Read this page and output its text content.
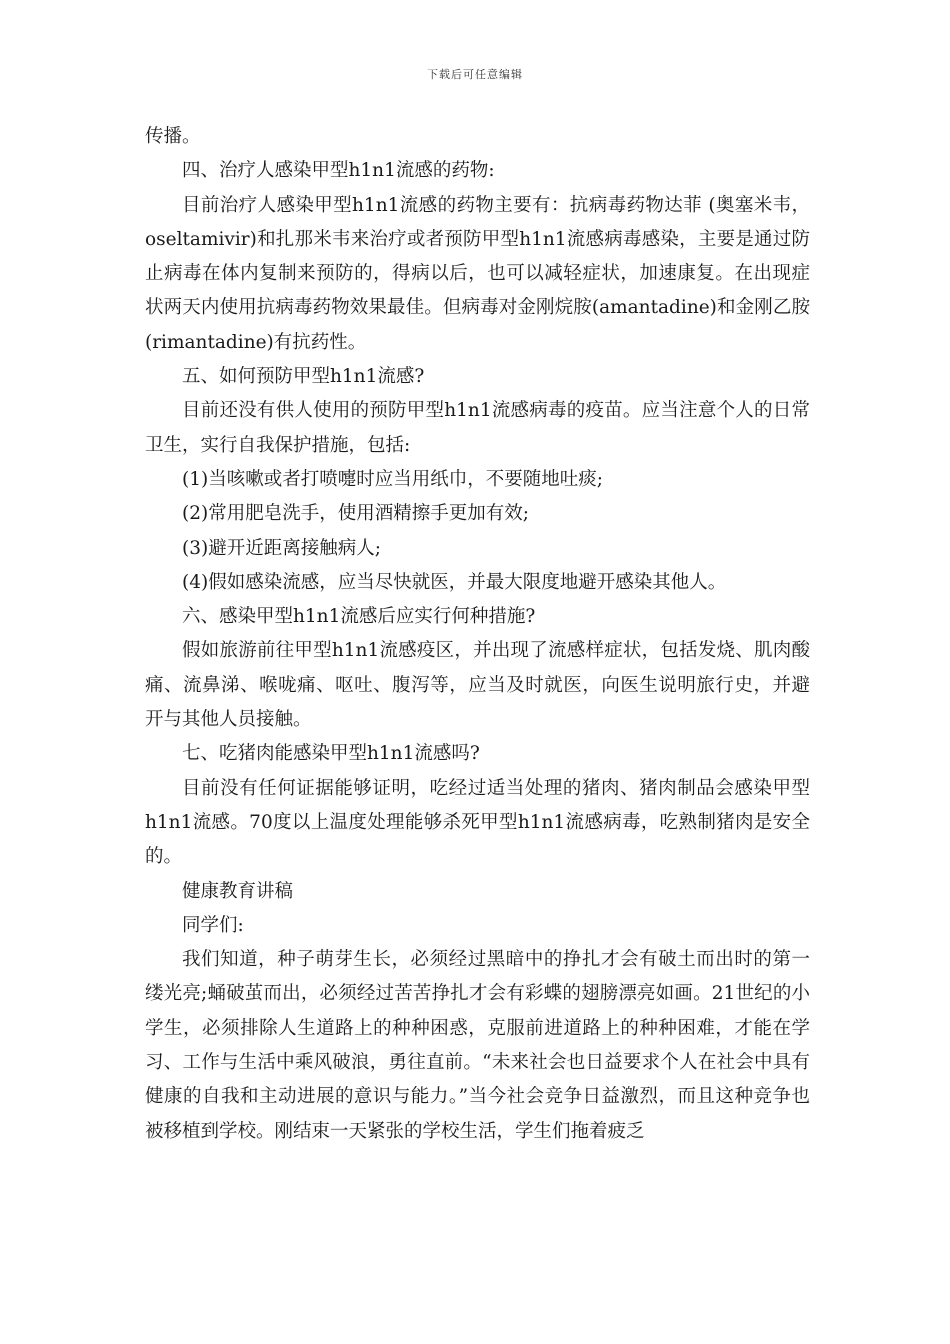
下载后可任意编辑

传播。

四、治疗人感染甲型h1n1流感的药物:

目前治疗人感染甲型h1n1流感的药物主要有：抗病毒药物达菲 (奥塞米韦，oseltamivir)和扎那米韦来治疗或者预防甲型h1n1流感病毒感染，主要是通过防止病毒在体内复制来预防的，得病以后，也可以减轻症状，加速康复。在出现症状两天内使用抗病毒药物效果最佳。但病毒对金刚烷胺(amantadine)和金刚乙胺(rimantadine)有抗药性。

五、如何预防甲型h1n1流感?

目前还没有供人使用的预防甲型h1n1流感病毒的疫苗。应当注意个人的日常卫生，实行自我保护措施，包括:

(1)当咳嗽或者打喷嚏时应当用纸巾，不要随地吐痰;

(2)常用肥皂洗手，使用酒精擦手更加有效;

(3)避开近距离接触病人;

(4)假如感染流感，应当尽快就医，并最大限度地避开感染其他人。

六、感染甲型h1n1流感后应实行何种措施?

假如旅游前往甲型h1n1流感疫区，并出现了流感样症状，包括发烧、肌肉酸痛、流鼻涕、喉咙痛、呕吐、腹泻等，应当及时就医，向医生说明旅行史，并避开与其他人员接触。

七、吃猪肉能感染甲型h1n1流感吗?

目前没有任何证据能够证明，吃经过适当处理的猪肉、猪肉制品会感染甲型h1n1流感。70度以上温度处理能够杀死甲型h1n1流感病毒，吃熟制猪肉是安全的。

健康教育讲稿

同学们:

我们知道，种子萌芽生长，必须经过黑暗中的挣扎才会有破土而出时的第一缕光亮;蛹破茧而出，必须经过苦苦挣扎才会有彩蝶的翅膀漂亮如画。21世纪的小学生，必须排除人生道路上的种种困惑，克服前进道路上的种种困难，才能在学习、工作与生活中乘风破浪，勇往直前。“未来社会也日益要求个人在社会中具有健康的自我和主动进展的意识与能力。”当今社会竞争日益激烈，而且这种竞争也被移植到学校。刚结束一天紧张的学校生活，学生们拖着疲乏
